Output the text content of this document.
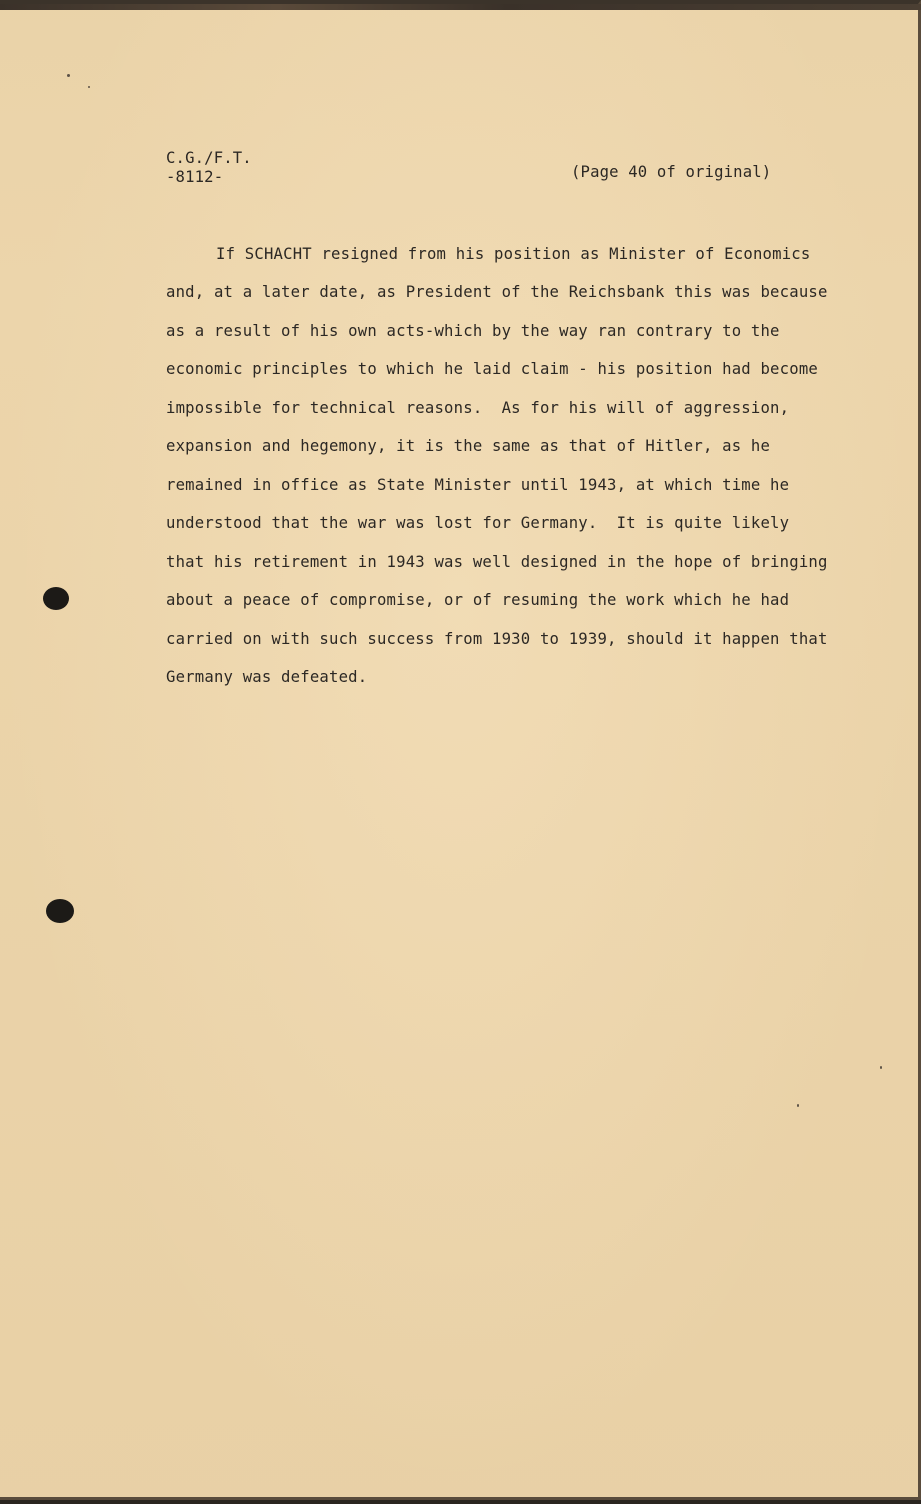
C.G./F.T.
-8112-	(Page 40 of original)
If SCHACHT resigned from his position as Minister of Economics
and, at a later date, as President of the Reichsbank this was because
as a result of his own acts-which by the way ran contrary to the
economic principles to which he laid claim - his position had become
impossible for technical reasons.  As for his will of aggression,
expansion and hegemony, it is the same as that of Hitler, as he
remained in office as State Minister until 1943, at which time he
understood that the war was lost for Germany.  It is quite likely
that his retirement in 1943 was well designed in the hope of bringing
about a peace of compromise, or of resuming the work which he had
carried on with such success from 1930 to 1939, should it happen that
Germany was defeated.
